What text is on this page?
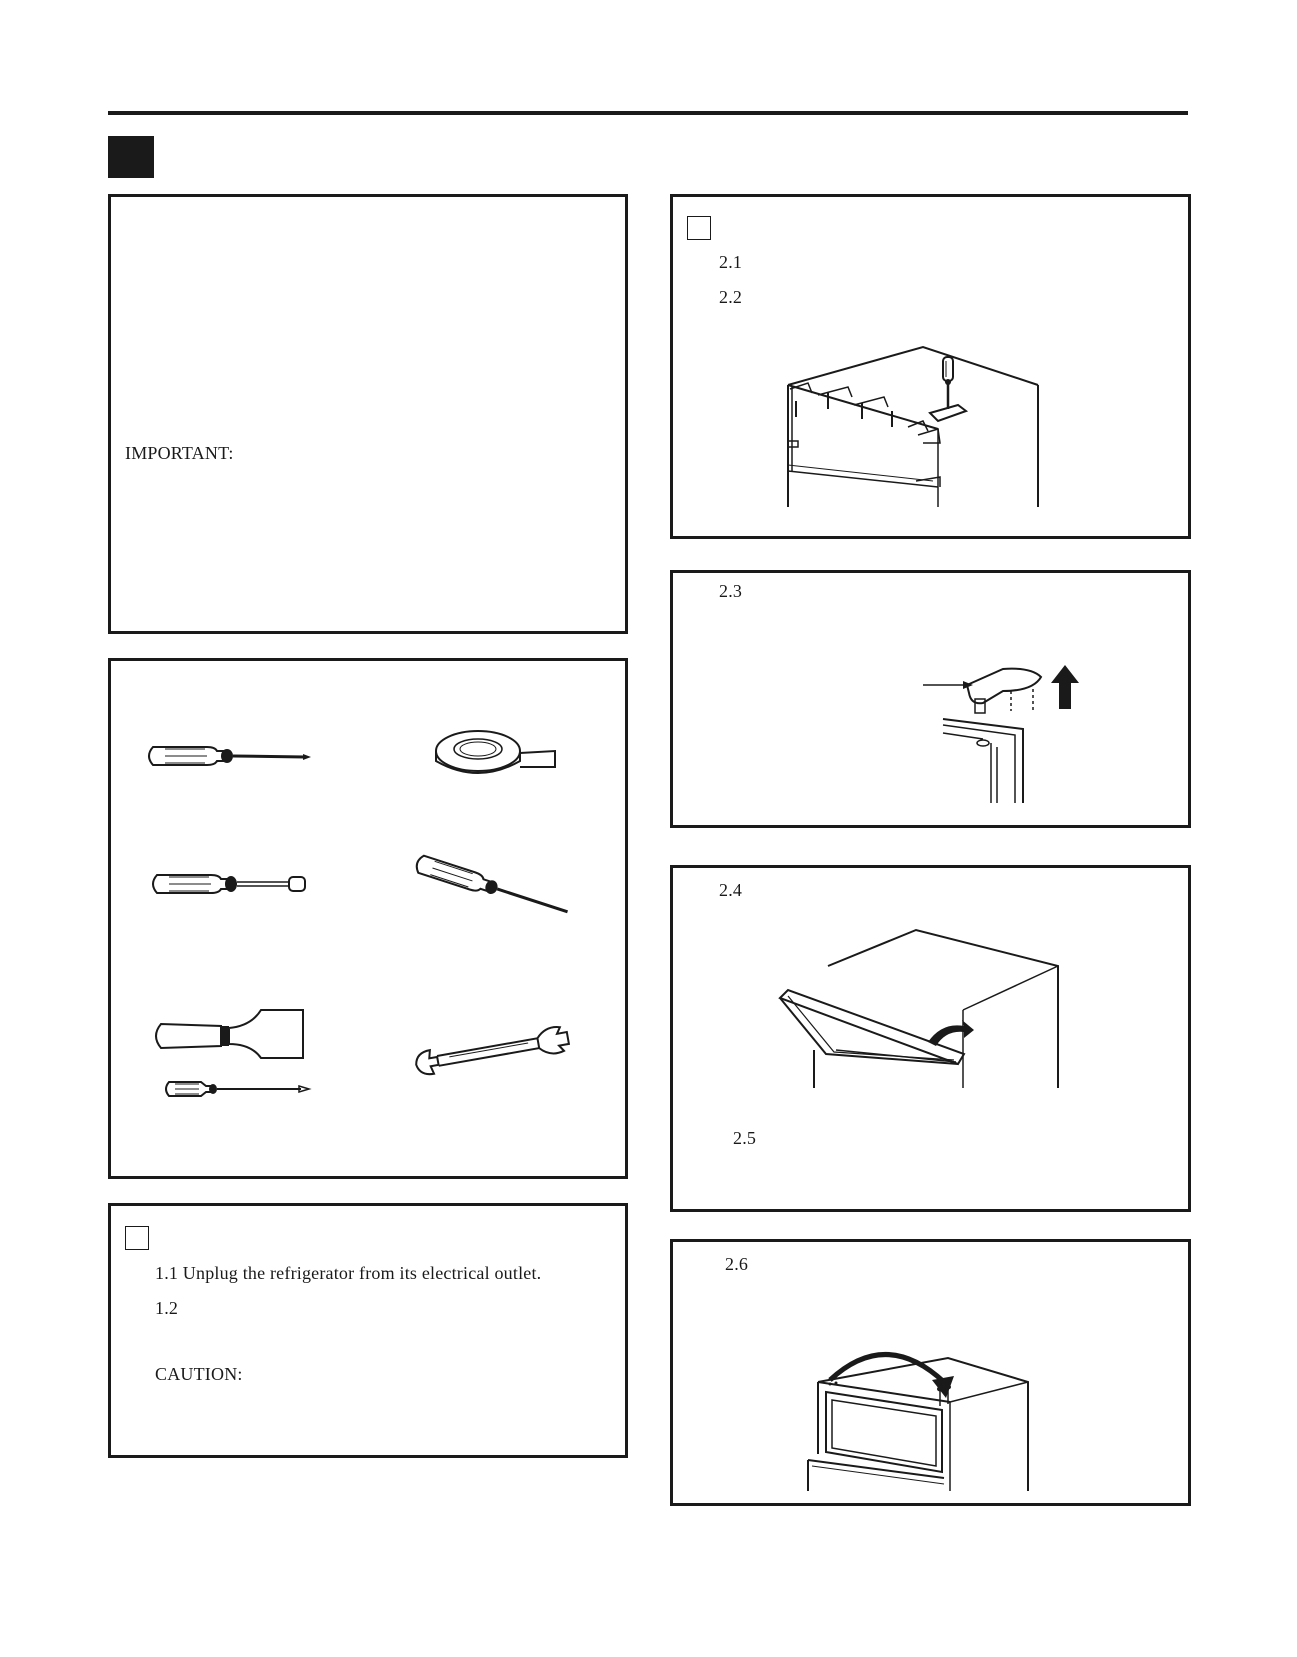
IMPORTANT:
1.1 Unplug the refrigerator from its electrical outlet.
1.2
CAUTION:
2.1
2.2
2.3
2.4
2.5
2.6
